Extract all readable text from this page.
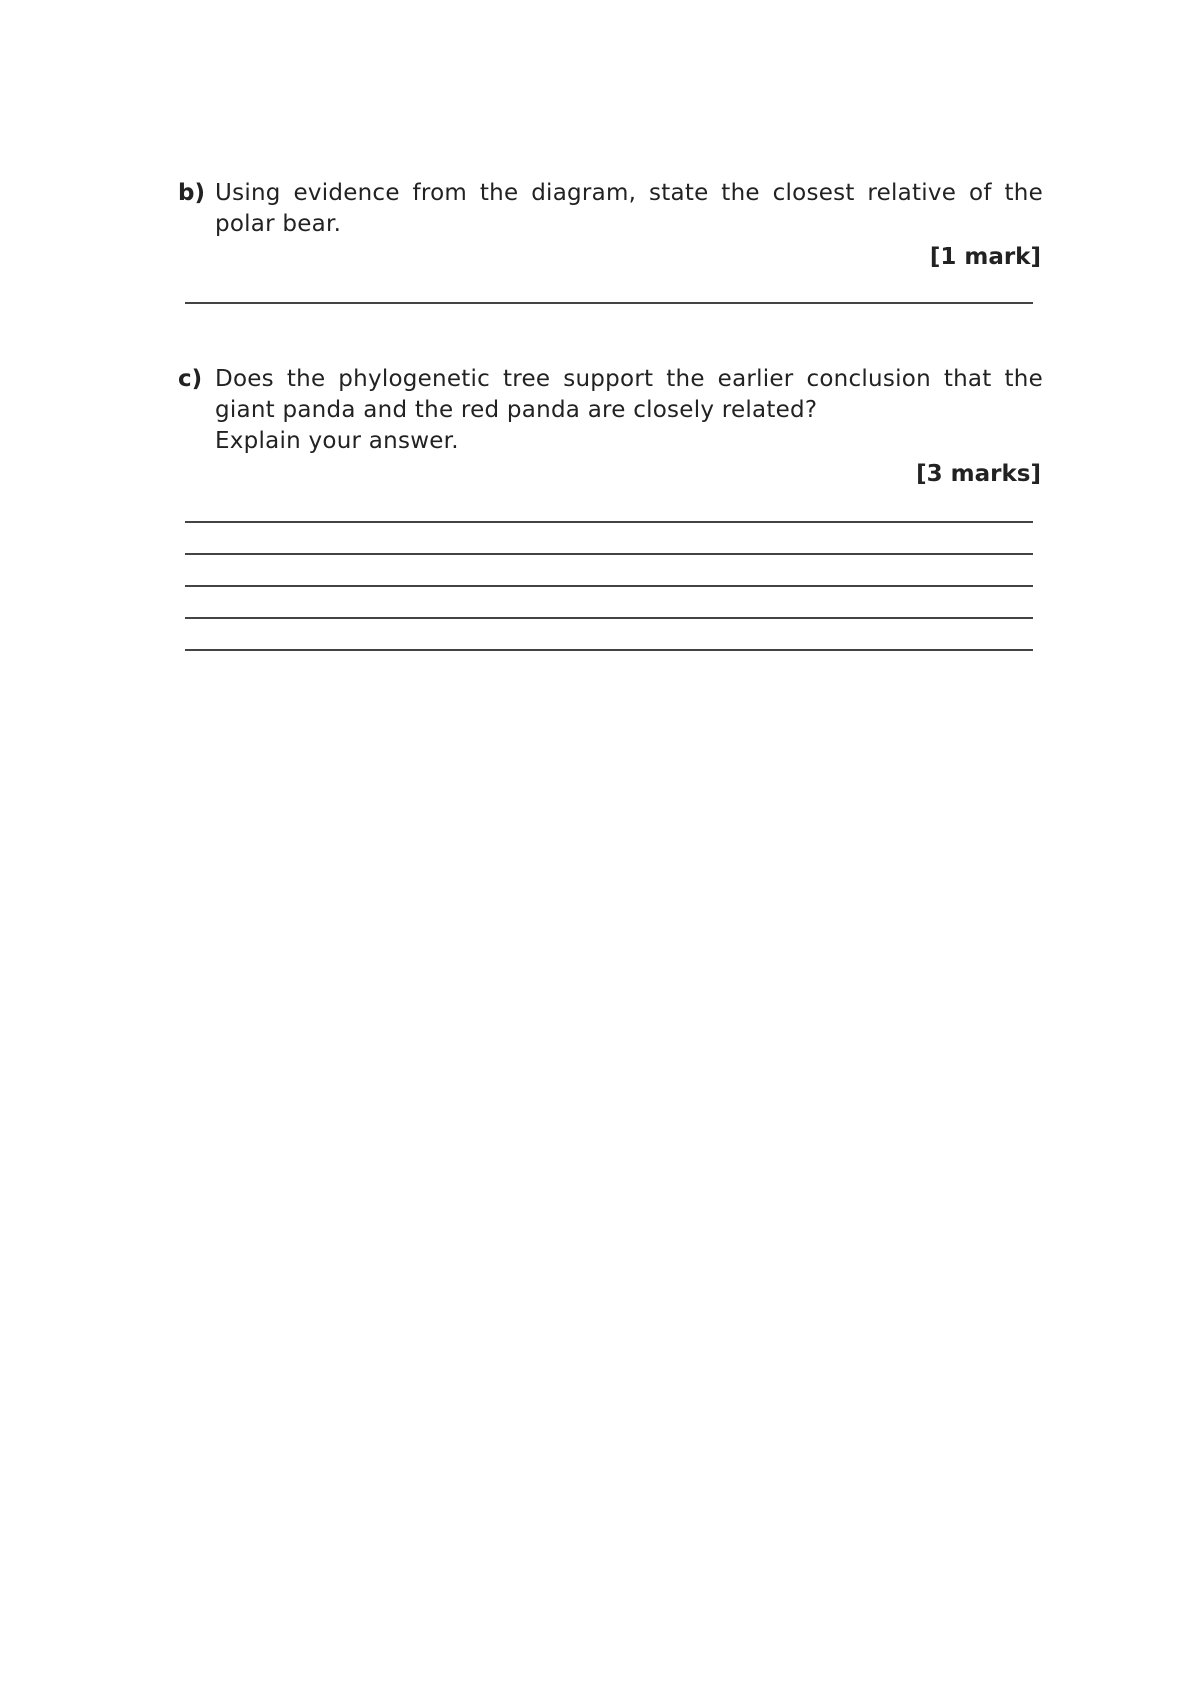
b) Using evidence from the diagram, state the closest relative of the polar bear.
[1 mark]
c) Does the phylogenetic tree support the earlier conclusion that the giant panda and the red panda are closely related?
Explain your answer.
[3 marks]
